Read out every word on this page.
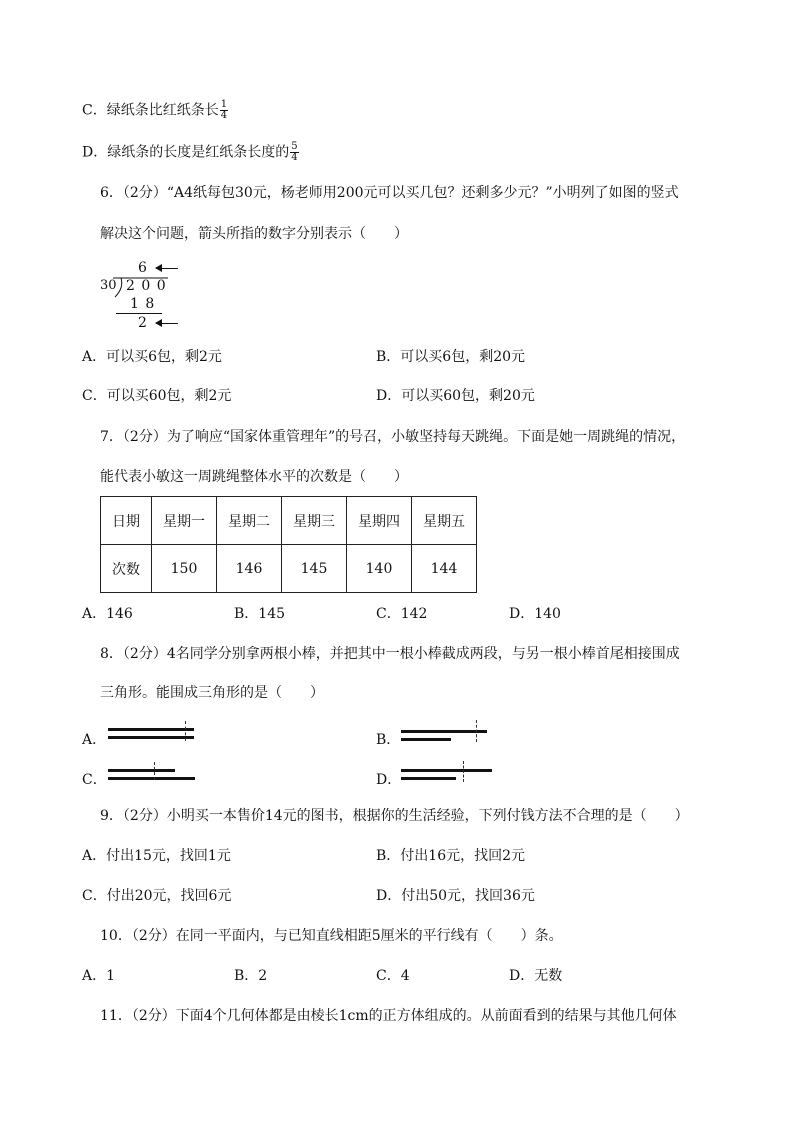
C．绿纸条比红纸条长 $\frac{1}{4}$
D．绿纸条的长度是红纸条长度的 $\frac{5}{4}$
6．（2分）“A4纸每包30元，杨老师用200元可以买几包？还剩多少元？”小明列了如图的竖式
解决这个问题，箭头所指的数字分别表示（　　）
6
30 2 0 0
1 8
2
A．可以买6包，剩2元	B．可以买6包，剩20元
C．可以买60包，剩2元	D．可以买60包，剩20元
7．（2分）为了响应“国家体重管理年”的号召，小敏坚持每天跳绳。下面是她一周跳绳的情况，
能代表小敏这一周跳绳整体水平的次数是（　　）
日期	星期一	星期二	星期三	星期四	星期五
次数	150	146	145	140	144
A．146	B．145	C．142	D．140
8．（2分）4名同学分别拿两根小棒，并把其中一根小棒截成两段，与另一根小棒首尾相接围成
三角形。能围成三角形的是（　　）
A．	B．
C．	D．
9．（2分）小明买一本售价14元的图书，根据你的生活经验，下列付钱方法不合理的是（　　）
A．付出15元，找回1元	B．付出16元，找回2元
C．付出20元，找回6元	D．付出50元，找回36元
10．（2分）在同一平面内，与已知直线相距5厘米的平行线有（　　）条。
A．1	B．2	C．4	D．无数
11．（2分）下面4个几何体都是由棱长1cm的正方体组成的。从前面看到的结果与其他几何体
